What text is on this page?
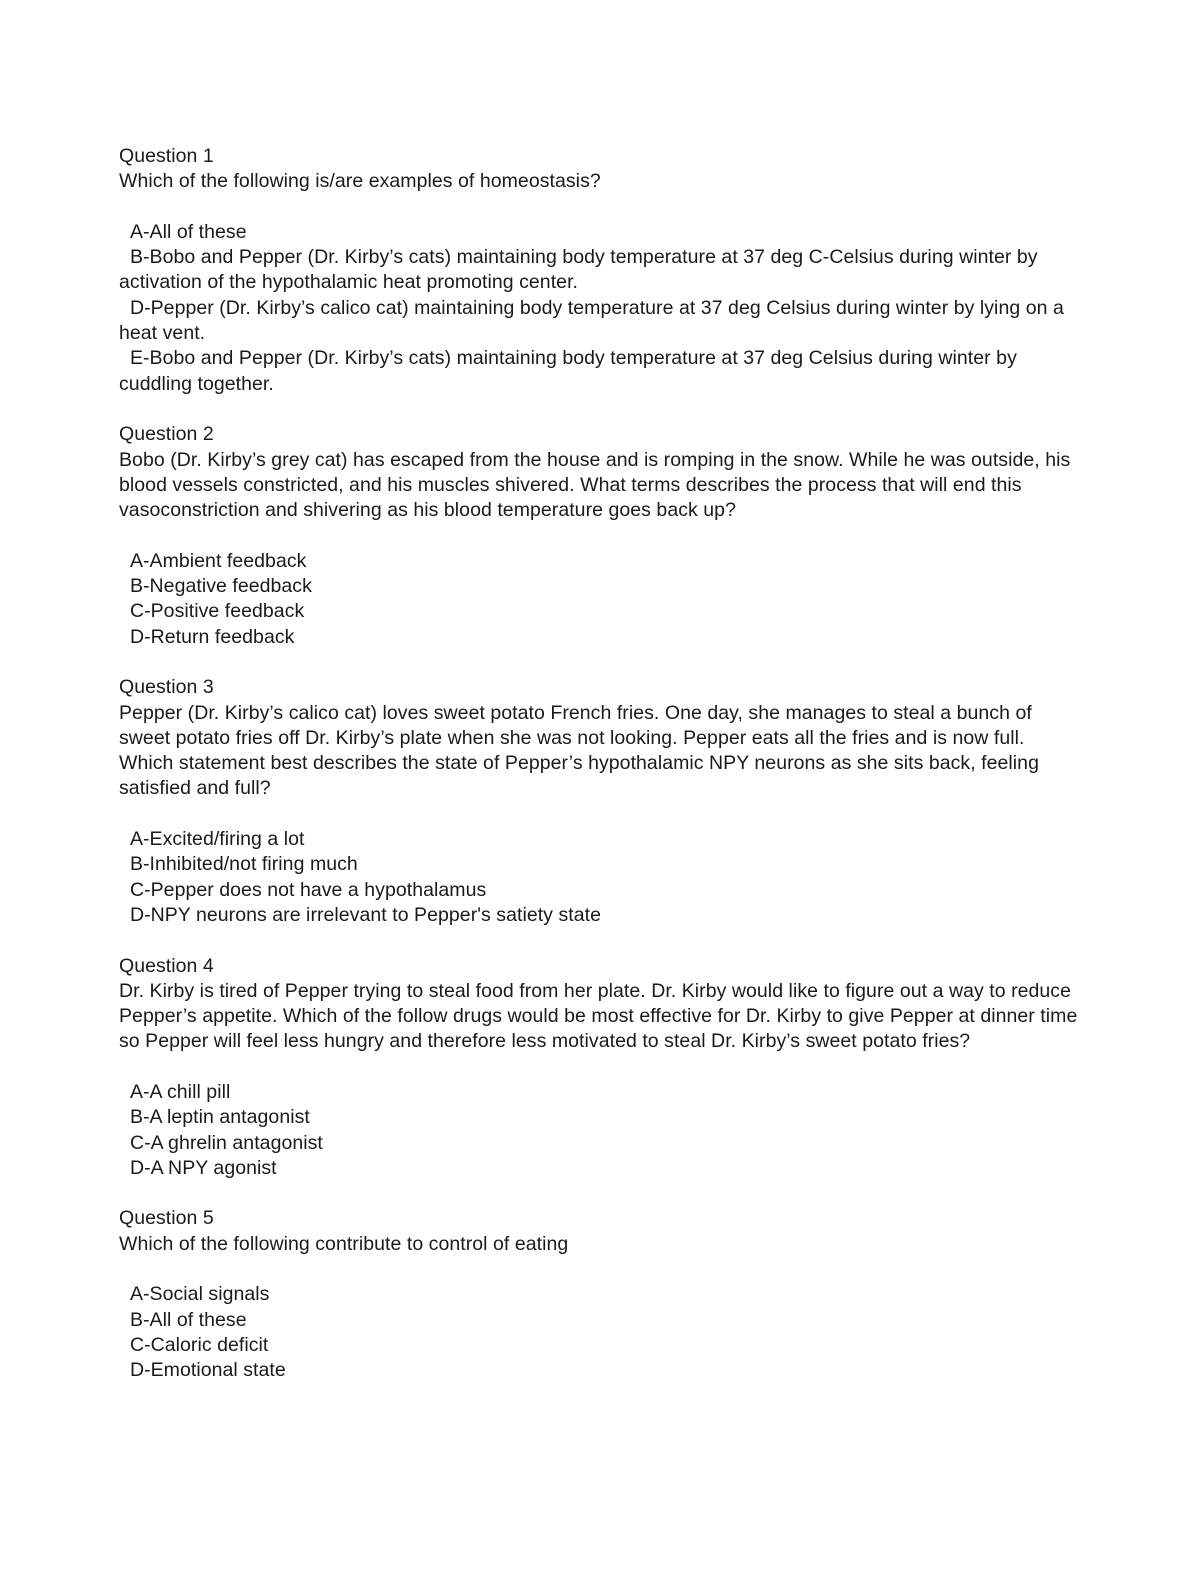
Question 1

Which of the following is/are examples of homeostasis?

A-All of these
B-Bobo and Pepper (Dr. Kirby’s cats) maintaining body temperature at 37 deg C-Celsius during winter by activation of the hypothalamic heat promoting center.
D-Pepper (Dr. Kirby’s calico cat) maintaining body temperature at 37 deg Celsius during winter by lying on a heat vent.
E-Bobo and Pepper (Dr. Kirby’s cats) maintaining body temperature at 37 deg Celsius during winter by cuddling together.

Question 2

Bobo (Dr. Kirby’s grey cat) has escaped from the house and is romping in the snow. While he was outside, his blood vessels constricted, and his muscles shivered. What terms describes the process that will end this vasoconstriction and shivering as his blood temperature goes back up?

A-Ambient feedback
B-Negative feedback
C-Positive feedback
D-Return feedback

Question 3

Pepper (Dr. Kirby’s calico cat) loves sweet potato French fries. One day, she manages to steal a bunch of sweet potato fries off Dr. Kirby’s plate when she was not looking. Pepper eats all the fries and is now full. Which statement best describes the state of Pepper’s hypothalamic NPY neurons as she sits back, feeling satisfied and full?

A-Excited/firing a lot
B-Inhibited/not firing much
C-Pepper does not have a hypothalamus
D-NPY neurons are irrelevant to Pepper's satiety state

Question 4

Dr. Kirby is tired of Pepper trying to steal food from her plate. Dr. Kirby would like to figure out a way to reduce Pepper’s appetite. Which of the follow drugs would be most effective for Dr. Kirby to give Pepper at dinner time so Pepper will feel less hungry and therefore less motivated to steal Dr. Kirby’s sweet potato fries?

A-A chill pill
B-A leptin antagonist
C-A ghrelin antagonist
D-A NPY agonist

Question 5

Which of the following contribute to control of eating

A-Social signals
B-All of these
C-Caloric deficit
D-Emotional state
